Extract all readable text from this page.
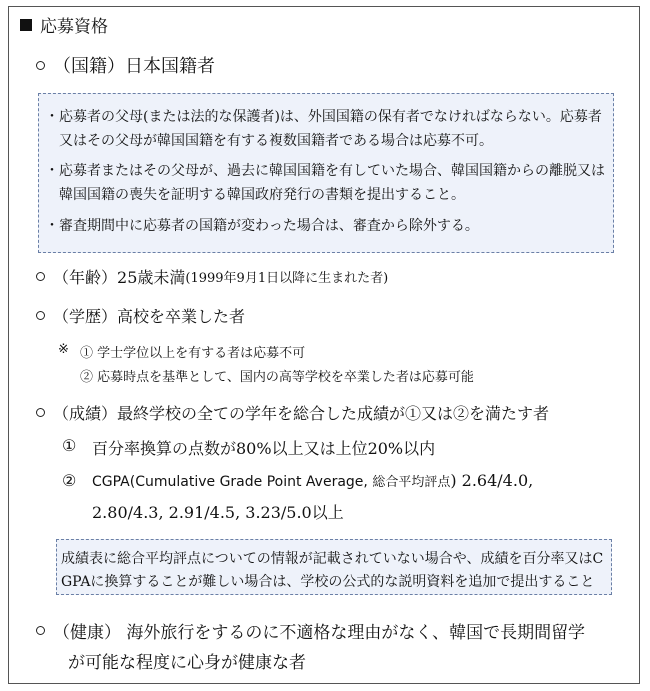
応募資格
（国籍）日本国籍者
・応募者の父母(または法的な保護者)は、外国国籍の保有者でなければならない。応募者
　又はその父母が韓国国籍を有する複数国籍者である場合は応募不可。
・応募者またはその父母が、過去に韓国国籍を有していた場合、韓国国籍からの離脱又は
　韓国国籍の喪失を証明する韓国政府発行の書類を提出すること。
・審査期間中に応募者の国籍が変わった場合は、審査から除外する。
（年齢） 25歳未満 (1999年9月1日以降に生まれた者)
（学歴）高校を卒業した者
※ ① 学士学位以上を有する者は応募不可
② 応募時点を基準として、国内の高等学校を卒業した者は応募可能
（成績）最終学校の全ての学年を総合した成績が①又は②を満たす者
① 百分率換算の点数が80%以上又は上位20%以内
② CGPA(Cumulative Grade Point Average, 総合平均評点) 2.64/4.0,
2.80/4.3, 2.91/4.5, 3.23/5.0以上
成績表に総合平均評点についての情報が記載されていない場合や、成績を百分率又はC
GPAに換算することが難しい場合は、学校の公式的な説明資料を追加で提出すること
（健康） 海外旅行をするのに不適格な理由がなく、韓国で長期間留学
が可能な程度に心身が健康な者
